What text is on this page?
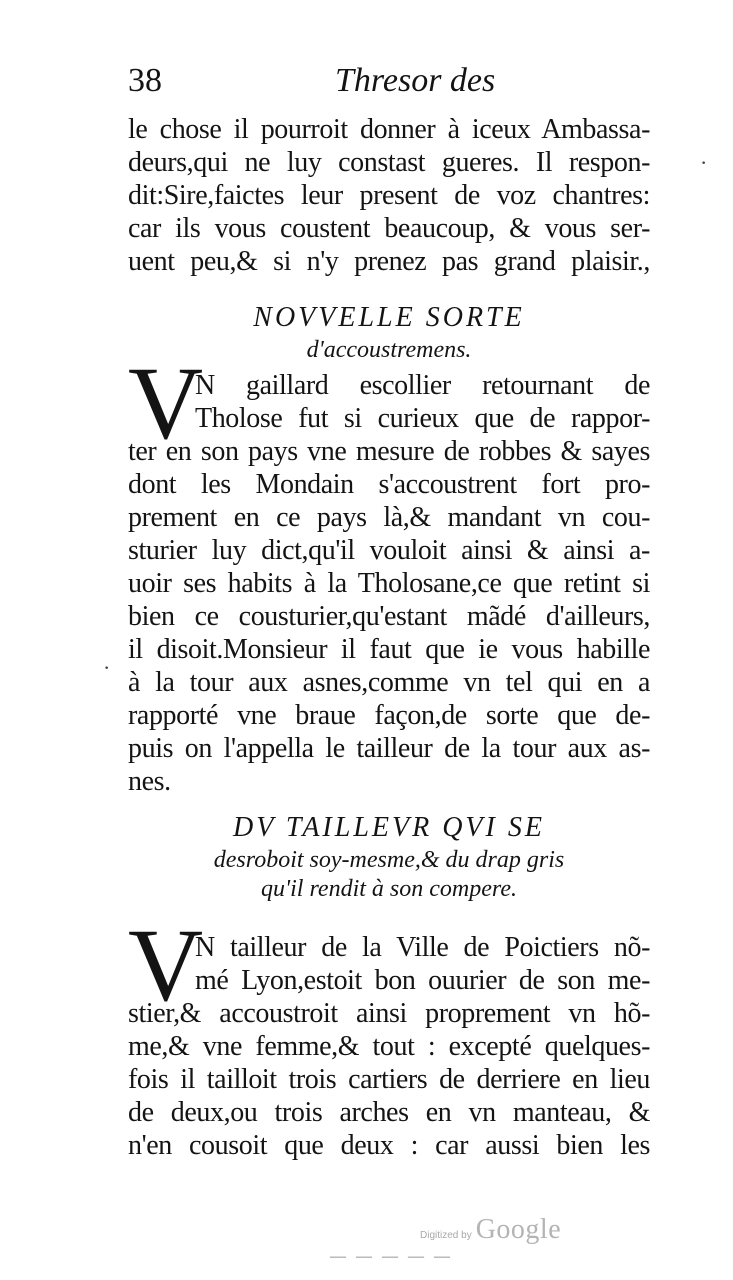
38	Thresor des
le chose il pourroit donner à iceux Ambassa-
deurs,qui ne luy constast gueres. Il respon-
dit:Sire,faictes leur present de voz chantres:
car ils vous coustent beaucoup, & vous ser-
uent peu,& si n'y prenez pas grand plaisir.,
NOVVELLE SORTE
d'accoustremens.
V
N gaillard escollier retournant de
Tholose fut si curieux que de rappor-
ter en son pays vne mesure de robbes & sayes
dont les Mondain s'accoustrent fort pro-
prement en ce pays là,& mandant vn cou-
sturier luy dict,qu'il vouloit ainsi & ainsi a-
uoir ses habits à la Tholosane,ce que retint si
bien ce cousturier,qu'estant mãdé d'ailleurs,
il disoit.Monsieur il faut que ie vous habille
à la tour aux asnes,comme vn tel qui en a
rapporté vne braue façon,de sorte que de-
puis on l'appella le tailleur de la tour aux as-
nes.
DV TAILLEVR QVI SE
desroboit soy-mesme,& du drap gris
qu'il rendit à son compere.
V
N tailleur de la Ville de Poictiers nõ-
mé Lyon,estoit bon ouurier de son me-
stier,& accoustroit ainsi proprement vn hõ-
me,& vne femme,& tout : excepté quelques-
fois il tailloit trois cartiers de derriere en lieu
de deux,ou trois arches en vn manteau, &
n'en cousoit que deux : car aussi bien les
·
·
Digitized by Google
— — — — —
